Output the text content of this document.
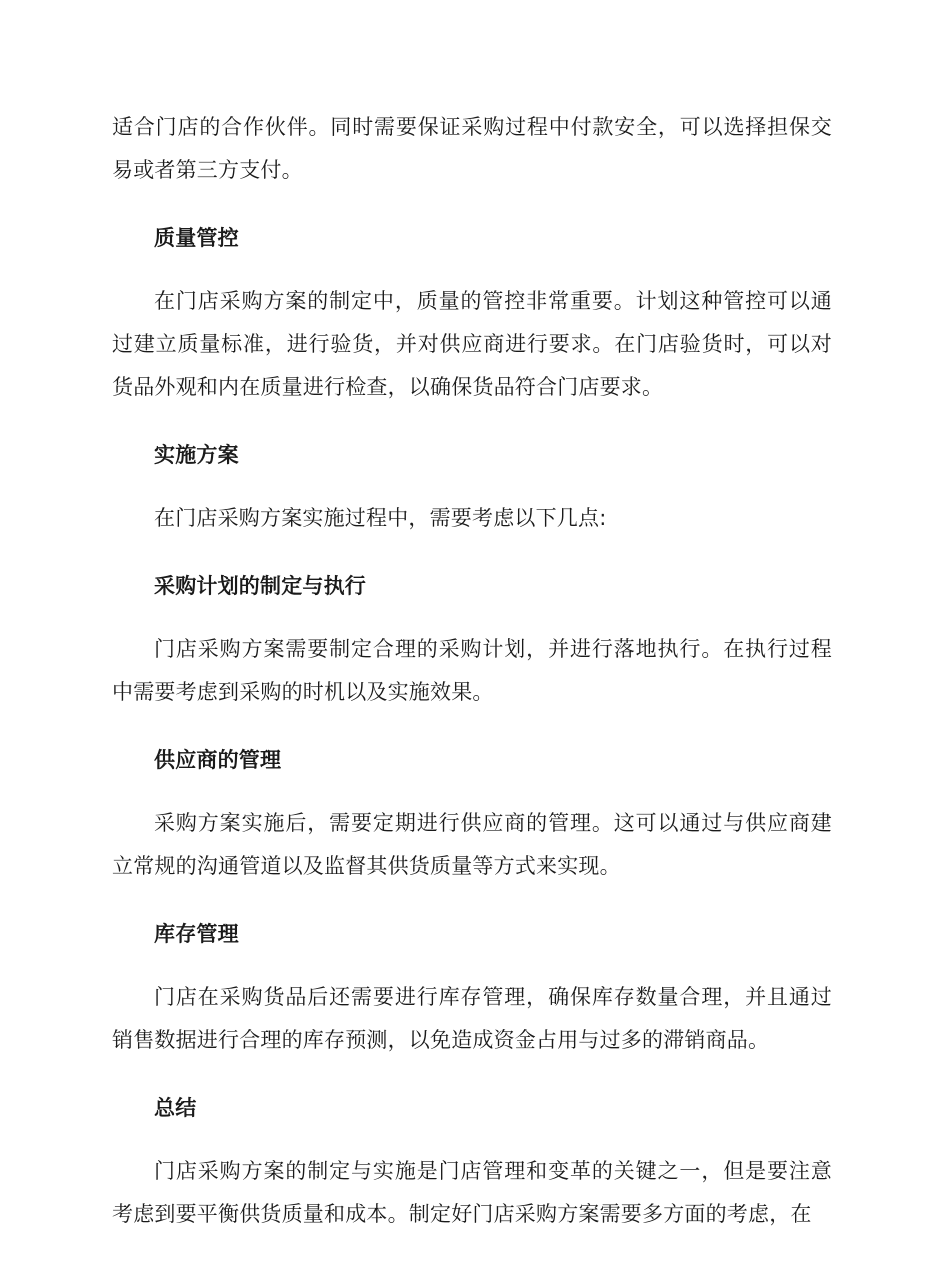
适合门店的合作伙伴。同时需要保证采购过程中付款安全，可以选择担保交易或者第三方支付。

质量管控

在门店采购方案的制定中，质量的管控非常重要。计划这种管控可以通过建立质量标准，进行验货，并对供应商进行要求。在门店验货时，可以对货品外观和内在质量进行检查，以确保货品符合门店要求。

实施方案

在门店采购方案实施过程中，需要考虑以下几点:

采购计划的制定与执行

门店采购方案需要制定合理的采购计划，并进行落地执行。在执行过程中需要考虑到采购的时机以及实施效果。

供应商的管理

采购方案实施后，需要定期进行供应商的管理。这可以通过与供应商建立常规的沟通管道以及监督其供货质量等方式来实现。

库存管理

门店在采购货品后还需要进行库存管理，确保库存数量合理，并且通过销售数据进行合理的库存预测，以免造成资金占用与过多的滞销商品。

总结

门店采购方案的制定与实施是门店管理和变革的关键之一，但是要注意考虑到要平衡供货质量和成本。制定好门店采购方案需要多方面的考虑，在
